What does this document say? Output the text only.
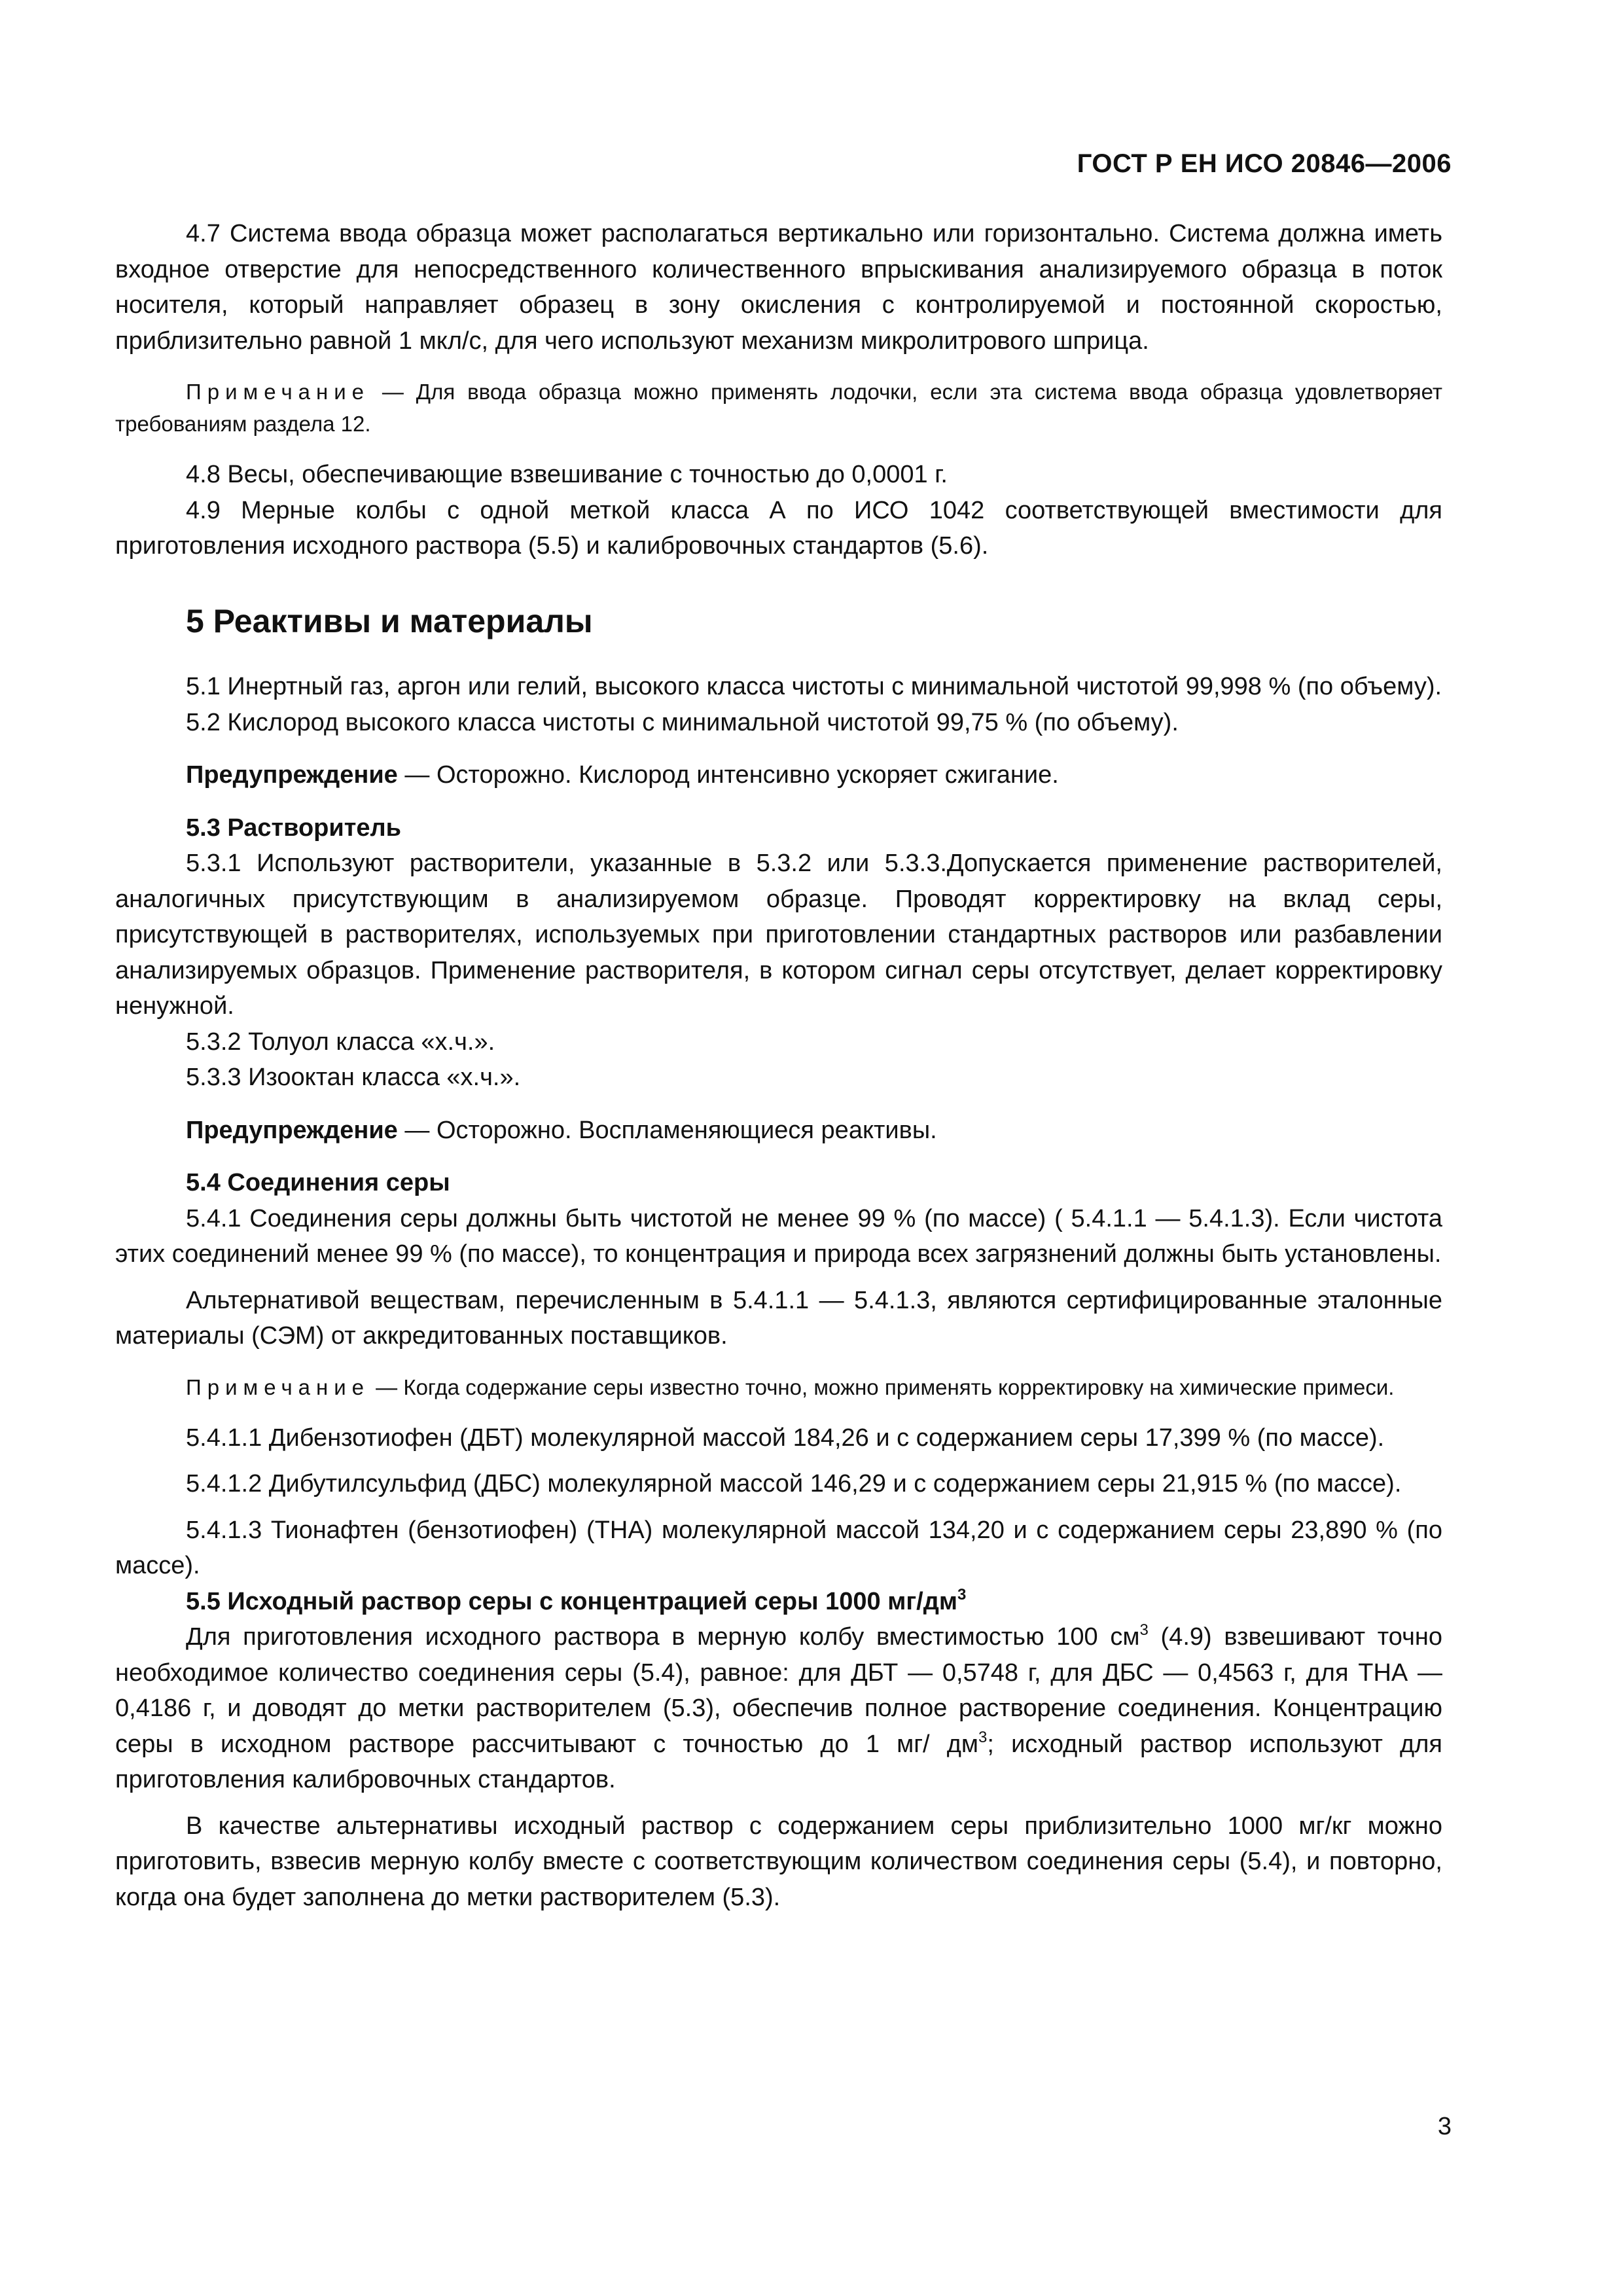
ГОСТ Р ЕН ИСО 20846—2006

4.7 Система ввода образца может располагаться вертикально или горизонтально. Система должна иметь входное отверстие для непосредственного количественного впрыскивания анализируемого образца в поток носителя, который направляет образец в зону окисления с контролируемой и постоянной скоростью, приблизительно равной 1 мкл/с, для чего используют механизм микролитрового шприца.

Примечание — Для ввода образца можно применять лодочки, если эта система ввода образца удовлетворяет требованиям раздела 12.

4.8 Весы, обеспечивающие взвешивание с точностью до 0,0001 г.

4.9 Мерные колбы с одной меткой класса А по ИСО 1042 соответствующей вместимости для приготовления исходного раствора (5.5) и калибровочных стандартов (5.6).

5 Реактивы и материалы

5.1 Инертный газ, аргон или гелий, высокого класса чистоты с минимальной чистотой 99,998 % (по объему).

5.2 Кислород высокого класса чистоты с минимальной чистотой 99,75 % (по объему).

Предупреждение — Осторожно. Кислород интенсивно ускоряет сжигание.

5.3 Растворитель

5.3.1 Используют растворители, указанные в 5.3.2 или 5.3.3.Допускается применение растворителей, аналогичных присутствующим в анализируемом образце. Проводят корректировку на вклад серы, присутствующей в растворителях, используемых при приготовлении стандартных растворов или разбавлении анализируемых образцов. Применение растворителя, в котором сигнал серы отсутствует, делает корректировку ненужной.

5.3.2 Толуол класса «х.ч.».

5.3.3 Изооктан класса «х.ч.».

Предупреждение — Осторожно. Воспламеняющиеся реактивы.

5.4 Соединения серы

5.4.1 Соединения серы должны быть чистотой не менее 99 % (по массе) ( 5.4.1.1 — 5.4.1.3). Если чистота этих соединений менее 99 % (по массе), то концентрация и природа всех загрязнений должны быть установлены.

Альтернативой веществам, перечисленным в 5.4.1.1 — 5.4.1.3, являются сертифицированные эталонные материалы (СЭМ) от аккредитованных поставщиков.

Примечание — Когда содержание серы известно точно, можно применять корректировку на химические примеси.

5.4.1.1 Дибензотиофен (ДБТ) молекулярной массой 184,26 и с содержанием серы 17,399 % (по массе).

5.4.1.2 Дибутилсульфид (ДБС) молекулярной массой 146,29 и с содержанием серы 21,915 % (по массе).

5.4.1.3 Тионафтен (бензотиофен) (ТНА) молекулярной массой 134,20 и с содержанием серы 23,890 % (по массе).

5.5 Исходный раствор серы с концентрацией серы 1000 $мг/дм^3$

Для приготовления исходного раствора в мерную колбу вместимостью 100 $см^3$ (4.9) взвешивают точно необходимое количество соединения серы (5.4), равное: для ДБТ — 0,5748 г, для ДБС — 0,4563 г, для ТНА — 0,4186 г, и доводят до метки растворителем (5.3), обеспечив полное растворение соединения. Концентрацию серы в исходном растворе рассчитывают с точностью до 1 мг/ $дм^3$; исходный раствор используют для приготовления калибровочных стандартов.

В качестве альтернативы исходный раствор с содержанием серы приблизительно 1000 мг/кг можно приготовить, взвесив мерную колбу вместе с соответствующим количеством соединения серы (5.4), и повторно, когда она будет заполнена до метки растворителем (5.3).

3
